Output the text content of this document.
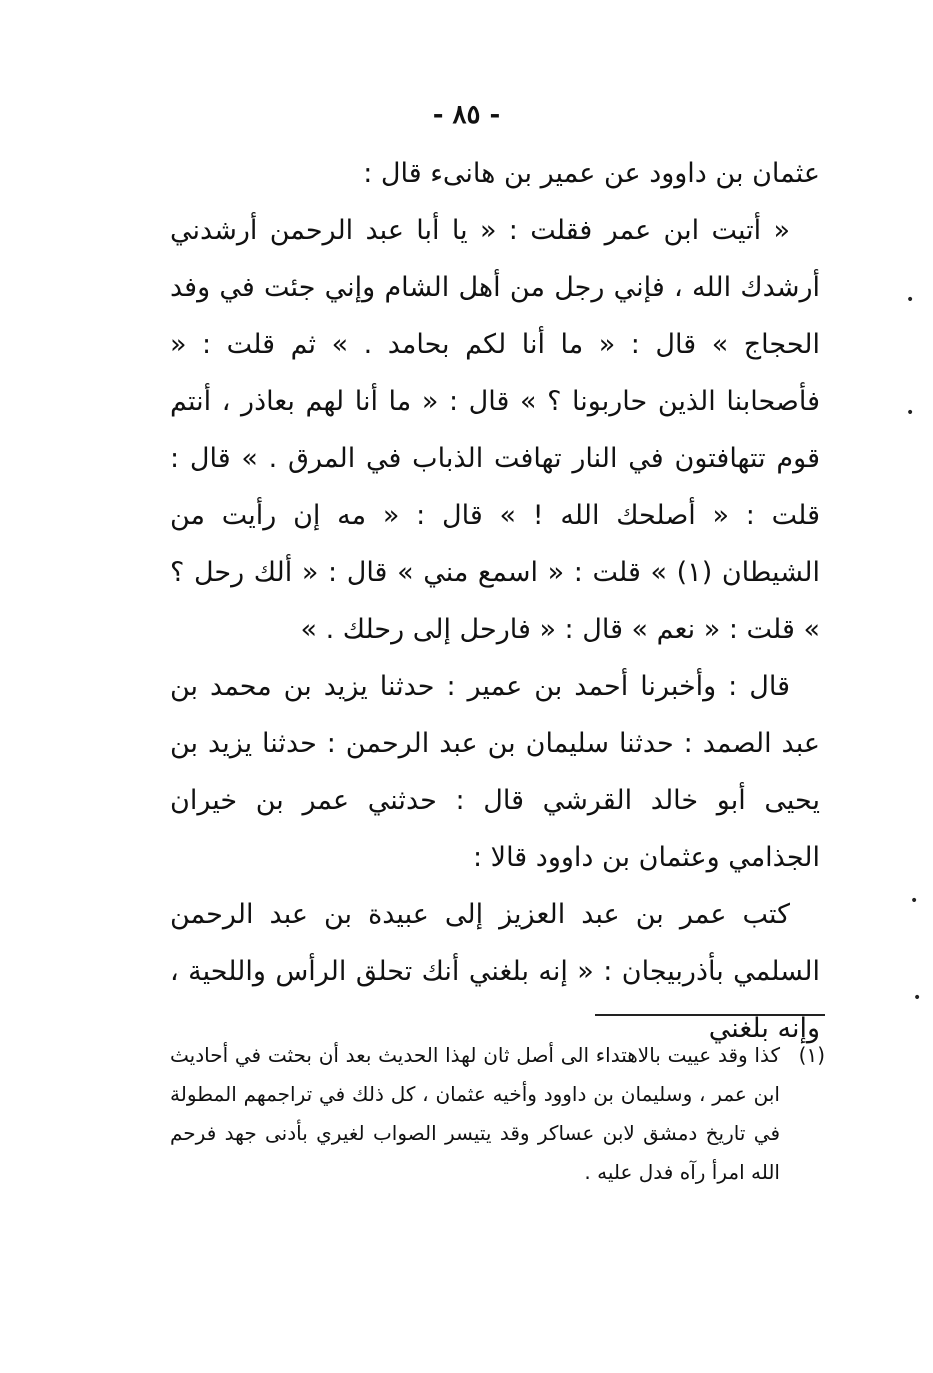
- ٨٥ -

عثمان بن داوود عن عمير بن هانىء قال :

« أتيت ابن عمر فقلت : « يا أبا عبد الرحمن أرشدني أرشدك الله ، فإني رجل من أهل الشام وإني جئت في وفد الحجاج » قال : « ما أنا لكم بحامد . » ثم قلت : « فأصحابنا الذين حاربونا ؟ » قال : « ما أنا لهم بعاذر ، أنتم قوم تتهافتون في النار تهافت الذباب في المرق . » قال : قلت : « أصلحك الله ! » قال : « مه إن رأيت من الشيطان (١) » قلت : « اسمع مني » قال : « ألك رحل ؟ » قلت : « نعم » قال : « فارحل إلى رحلك . »

قال : وأخبرنا أحمد بن عمير : حدثنا يزيد بن محمد بن عبد الصمد : حدثنا سليمان بن عبد الرحمن : حدثنا يزيد بن يحيى أبو خالد القرشي قال : حدثني عمر بن خيران الجذامي وعثمان بن داوود قالا :

كتب عمر بن عبد العزيز إلى عبيدة بن عبد الرحمن السلمي بأذربيجان : « إنه بلغني أنك تحلق الرأس واللحية ، وإنه بلغني

•
•
•
•
(١)
كذا وقد عييت بالاهتداء الى أصل ثان لهذا الحديث بعد أن بحثت في أحاديث ابن عمر ، وسليمان بن داوود وأخيه عثمان ، كل ذلك في تراجمهم المطولة في تاريخ دمشق لابن عساكر وقد يتيسر الصواب لغيري بأدنى جهد فرحم الله امرأ رآه فدل عليه .
